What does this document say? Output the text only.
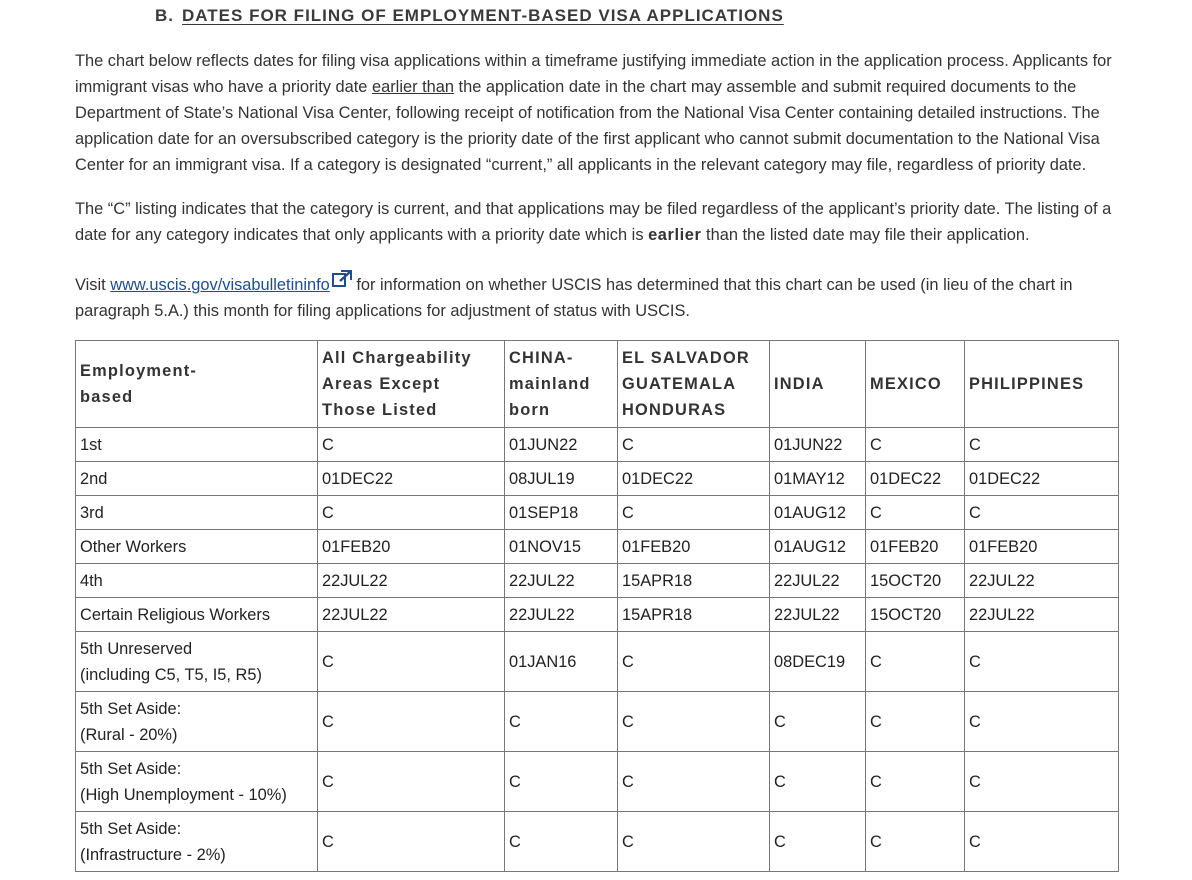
B. DATES FOR FILING OF EMPLOYMENT-BASED VISA APPLICATIONS

The chart below reflects dates for filing visa applications within a timeframe justifying immediate action in the application process. Applicants for immigrant visas who have a priority date earlier than the application date in the chart may assemble and submit required documents to the Department of State’s National Visa Center, following receipt of notification from the National Visa Center containing detailed instructions. The application date for an oversubscribed category is the priority date of the first applicant who cannot submit documentation to the National Visa Center for an immigrant visa. If a category is designated “current,” all applicants in the relevant category may file, regardless of priority date.

The “C” listing indicates that the category is current, and that applications may be filed regardless of the applicant’s priority date. The listing of a date for any category indicates that only applicants with a priority date which is earlier than the listed date may file their application.

Visit www.uscis.gov/visabulletininfo for information on whether USCIS has determined that this chart can be used (in lieu of the chart in paragraph 5.A.) this month for filing applications for adjustment of status with USCIS.

Employment-
based	All Chargeability
Areas Except
Those Listed	CHINA-
mainland
born	EL SALVADOR
GUATEMALA
HONDURAS	INDIA	MEXICO	PHILIPPINES
1st	C	01JUN22	C	01JUN22	C	C
2nd	01DEC22	08JUL19	01DEC22	01MAY12	01DEC22	01DEC22
3rd	C	01SEP18	C	01AUG12	C	C
Other Workers	01FEB20	01NOV15	01FEB20	01AUG12	01FEB20	01FEB20
4th	22JUL22	22JUL22	15APR18	22JUL22	15OCT20	22JUL22
Certain Religious Workers	22JUL22	22JUL22	15APR18	22JUL22	15OCT20	22JUL22
5th Unreserved
(including C5, T5, I5, R5)	C	01JAN16	C	08DEC19	C	C
5th Set Aside:
(Rural - 20%)	C	C	C	C	C	C
5th Set Aside:
(High Unemployment - 10%)	C	C	C	C	C	C
5th Set Aside:
(Infrastructure - 2%)	C	C	C	C	C	C
